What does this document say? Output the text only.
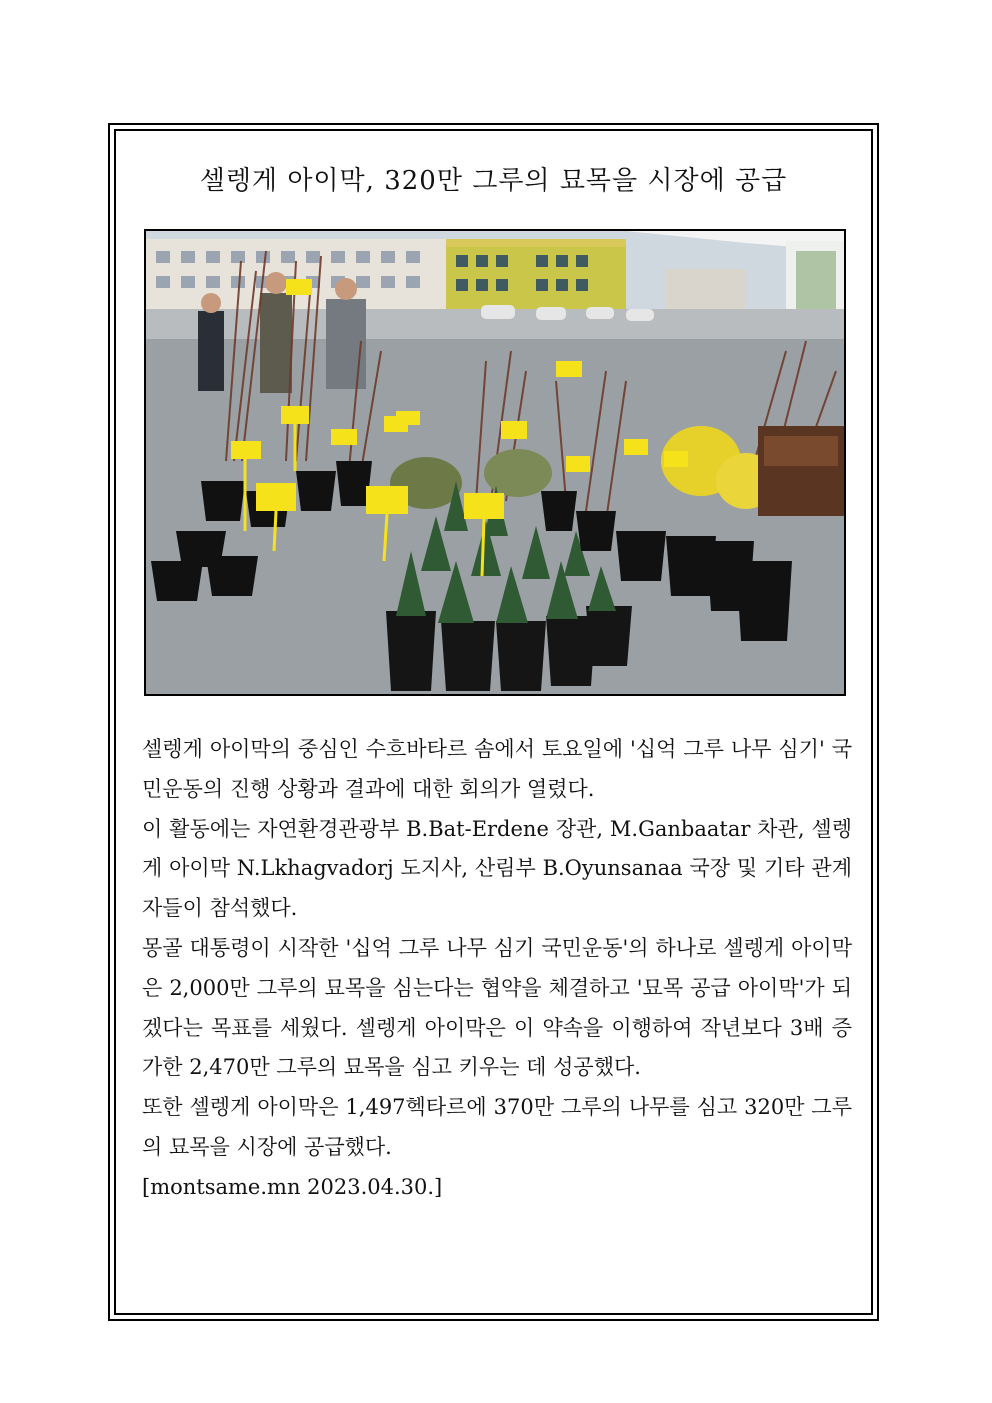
셀렝게 아이막, 320만 그루의 묘목을 시장에 공급

셀렝게 아이막의 중심인 수흐바타르 솜에서 토요일에 '십억 그루 나무 심기' 국민운동의 진행 상황과 결과에 대한 회의가 열렸다.

이 활동에는 자연환경관광부 B.Bat-Erdene 장관, M.Ganbaatar 차관, 셀렝게 아이막 N.Lkhagvadorj 도지사, 산림부 B.Oyunsanaa 국장 및 기타 관계자들이 참석했다.

몽골 대통령이 시작한 '십억 그루 나무 심기 국민운동'의 하나로 셀렝게 아이막은 2,000만 그루의 묘목을 심는다는 협약을 체결하고 '묘목 공급 아이막'가 되겠다는 목표를 세웠다. 셀렝게 아이막은 이 약속을 이행하여 작년보다 3배 증가한 2,470만 그루의 묘목을 심고 키우는 데 성공했다.

또한 셀렝게 아이막은 1,497헥타르에 370만 그루의 나무를 심고 320만 그루의 묘목을 시장에 공급했다.

[montsame.mn 2023.04.30.]
